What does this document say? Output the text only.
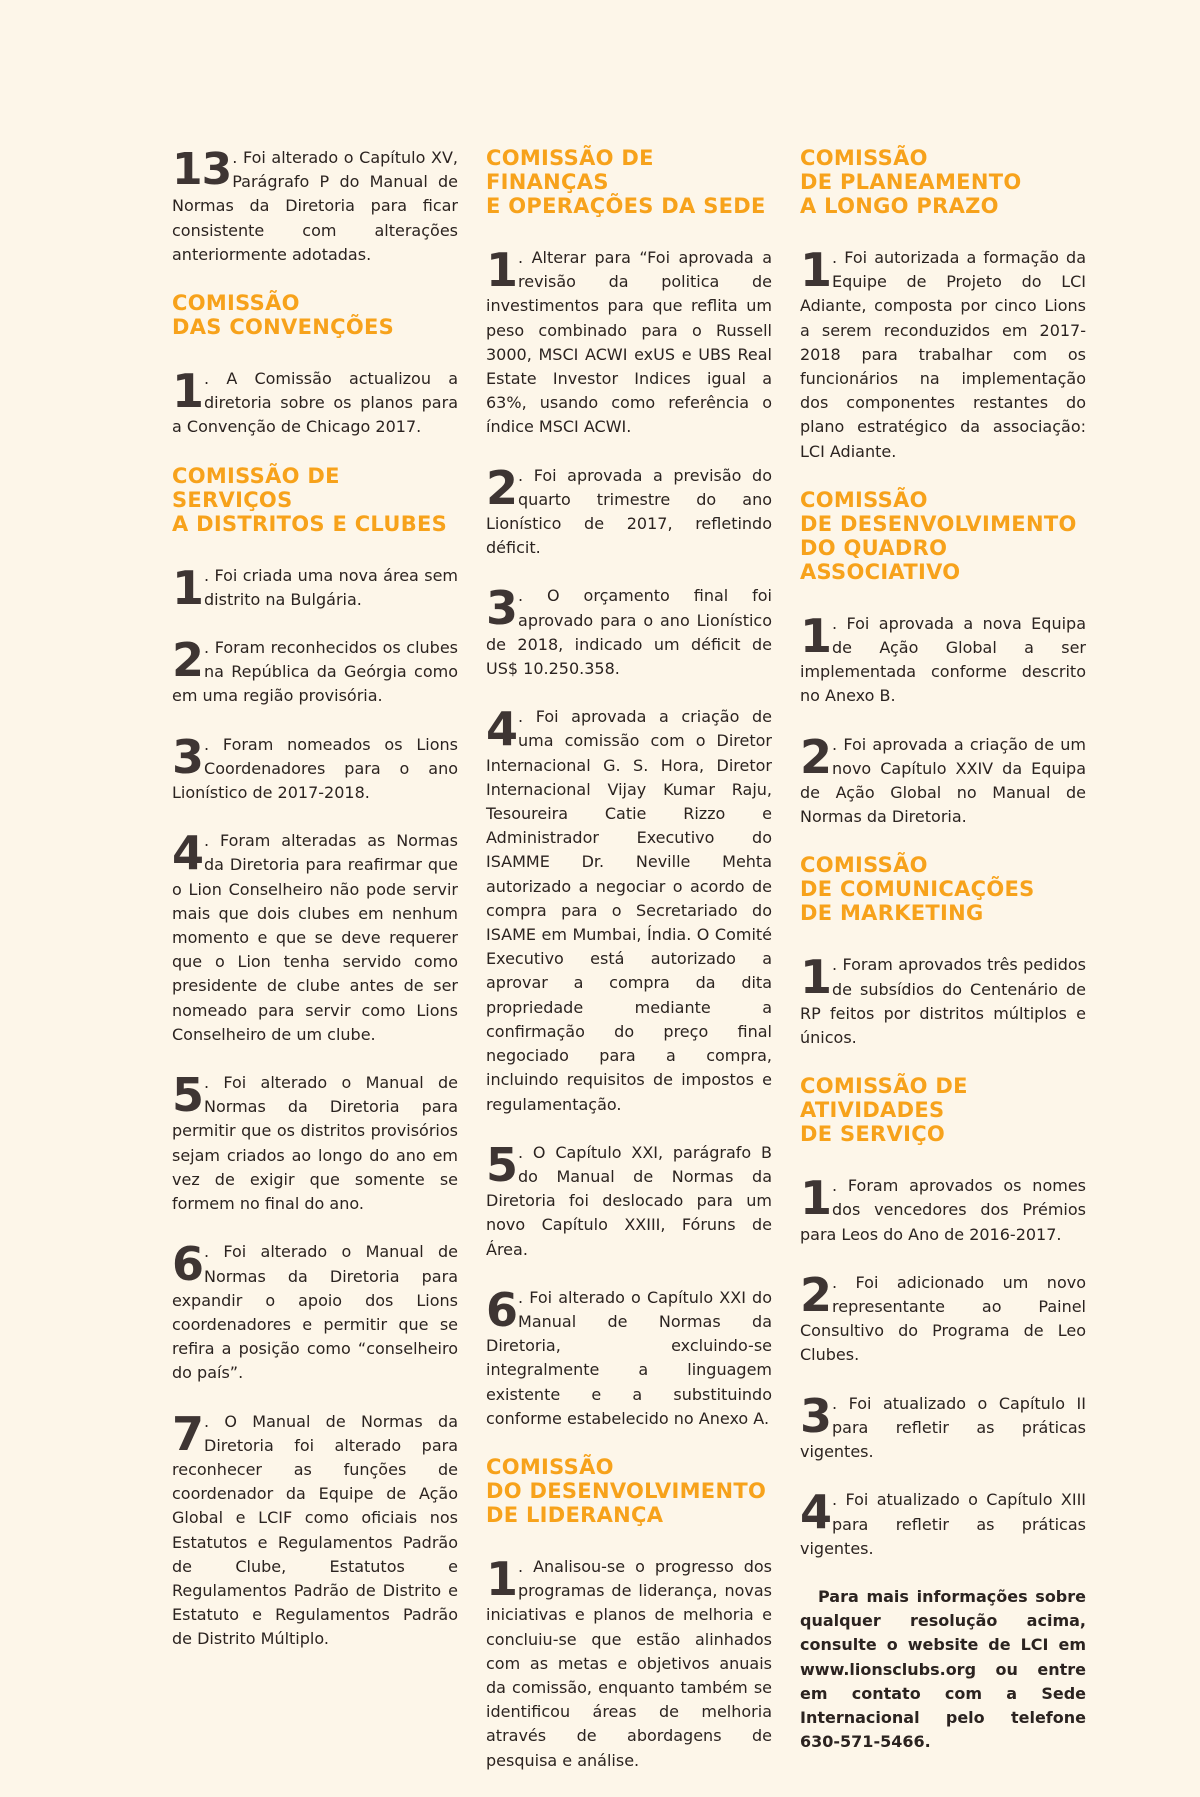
13 . Foi alterado o Capítulo XV, Parágrafo P do Manual de Normas da Diretoria para ficar consistente com alterações anteriormente adotadas.
COMISSÃO
DAS CONVENÇÕES
1 . A Comissão actualizou a diretoria sobre os planos para a Convenção de Chicago 2017.
COMISSÃO DE SERVIÇOS
A DISTRITOS E CLUBES
1 . Foi criada uma nova área sem distrito na Bulgária.
2 . Foram reconhecidos os clubes na República da Geórgia como em uma região provisória.
3 . Foram nomeados os Lions Coordenadores para o ano Lionístico de 2017-2018.
4 . Foram alteradas as Normas da Diretoria para reafirmar que o Lion Conselheiro não pode servir mais que dois clubes em nenhum momento e que se deve requerer que o Lion tenha servido como presidente de clube antes de ser nomeado para servir como Lions Conselheiro de um clube.
5 . Foi alterado o Manual de Normas da Diretoria para permitir que os distritos provisórios sejam criados ao longo do ano em vez de exigir que somente se formem no final do ano.
6 . Foi alterado o Manual de Normas da Diretoria para expandir o apoio dos Lions coordenadores e permitir que se refira a posição como “conselheiro do país”.
7 . O Manual de Normas da Diretoria foi alterado para reconhecer as funções de coordenador da Equipe de Ação Global e LCIF como oficiais nos Estatutos e Regulamentos Padrão de Clube, Estatutos e Regulamentos Padrão de Distrito e Estatuto e Regulamentos Padrão de Distrito Múltiplo.
COMISSÃO DE FINANÇAS
E OPERAÇÕES DA SEDE
1 . Alterar para “Foi aprovada a revisão da politica de investimentos para que reflita um peso combinado para o Russell 3000, MSCI ACWI exUS e UBS Real Estate Investor Indices igual a 63%, usando como referência o índice MSCI ACWI.
2 . Foi aprovada a previsão do quarto trimestre do ano Lionístico de 2017, refletindo déficit.
3 . O orçamento final foi aprovado para o ano Lionístico de 2018, indicado um déficit de US$ 10.250.358.
4 . Foi aprovada a criação de uma comissão com o Diretor Internacional G. S. Hora, Diretor Internacional Vijay Kumar Raju, Tesoureira Catie Rizzo e Administrador Executivo do ISAMME Dr. Neville Mehta autorizado a negociar o acordo de compra para o Secretariado do ISAME em Mumbai, Índia. O Comité Executivo está autorizado a aprovar a compra da dita propriedade mediante a confirmação do preço final negociado para a compra, incluindo requisitos de impostos e regulamentação.
5 . O Capítulo XXI, parágrafo B do Manual de Normas da Diretoria foi deslocado para um novo Capítulo XXIII, Fóruns de Área.
6 . Foi alterado o Capítulo XXI do Manual de Normas da Diretoria, excluindo-se integralmente a linguagem existente e a substituindo conforme estabelecido no Anexo A.
COMISSÃO
DO DESENVOLVIMENTO
DE LIDERANÇA
1 . Analisou-se o progresso dos programas de liderança, novas iniciativas e planos de melhoria e concluiu-se que estão alinhados com as metas e objetivos anuais da comissão, enquanto também se identificou áreas de melhoria através de abordagens de pesquisa e análise.
COMISSÃO
DE PLANEAMENTO
A LONGO PRAZO
1 . Foi autorizada a formação da Equipe de Projeto do LCI Adiante, composta por cinco Lions a serem reconduzidos em 2017-2018 para trabalhar com os funcionários na implementação dos componentes restantes do plano estratégico da associação: LCI Adiante.
COMISSÃO
DE DESENVOLVIMENTO
DO QUADRO ASSOCIATIVO
1 . Foi aprovada a nova Equipa de Ação Global a ser implementada conforme descrito no Anexo B.
2 . Foi aprovada a criação de um novo Capítulo XXIV da Equipa de Ação Global no Manual de Normas da Diretoria.
COMISSÃO
DE COMUNICAÇÕES
DE MARKETING
1 . Foram aprovados três pedidos de subsídios do Centenário de RP feitos por distritos múltiplos e únicos.
COMISSÃO DE ATIVIDADES
DE SERVIÇO
1 . Foram aprovados os nomes dos vencedores dos Prémios para Leos do Ano de 2016-2017.
2 . Foi adicionado um novo representante ao Painel Consultivo do Programa de Leo Clubes.
3 . Foi atualizado o Capítulo II para refletir as práticas vigentes.
4 . Foi atualizado o Capítulo XIII para refletir as práticas vigentes.
Para mais informações sobre qualquer resolução acima, consulte o website de LCI em www.lionsclubs.org ou entre em contato com a Sede Internacional pelo telefone 630-571-5466.
